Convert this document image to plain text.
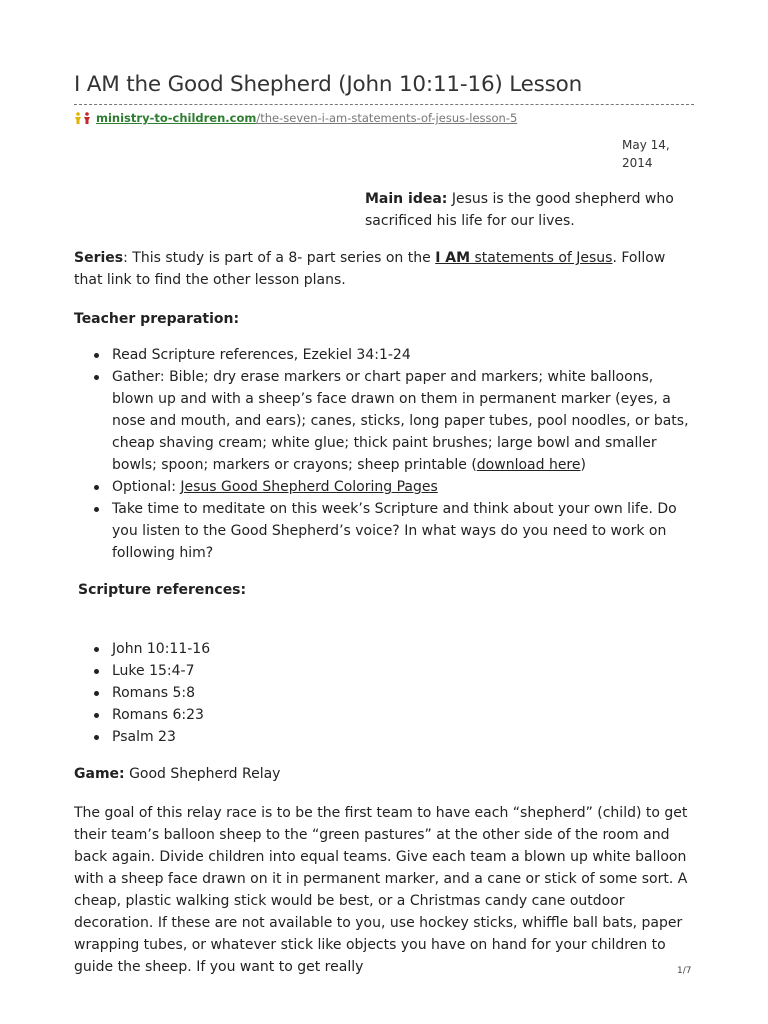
I AM the Good Shepherd (John 10:11-16) Lesson
ministry-to-children.com /the-seven-i-am-statements-of-jesus-lesson-5
May 14,
2014
Main idea: Jesus is the good shepherd who sacrificed his life for our lives.
Series: This study is part of a 8- part series on the I AM statements of Jesus. Follow that link to find the other lesson plans.
Teacher preparation:
Read Scripture references, Ezekiel 34:1-24
Gather: Bible; dry erase markers or chart paper and markers; white balloons, blown up and with a sheep’s face drawn on them in permanent marker (eyes, a nose and mouth, and ears); canes, sticks, long paper tubes, pool noodles, or bats, cheap shaving cream; white glue; thick paint brushes; large bowl and smaller bowls; spoon; markers or crayons; sheep printable (download here)
Optional: Jesus Good Shepherd Coloring Pages
Take time to meditate on this week’s Scripture and think about your own life. Do you listen to the Good Shepherd’s voice? In what ways do you need to work on following him?
Scripture references:
John 10:11-16
Luke 15:4-7
Romans 5:8
Romans 6:23
Psalm 23
Game: Good Shepherd Relay
The goal of this relay race is to be the first team to have each “shepherd” (child) to get their team’s balloon sheep to the “green pastures” at the other side of the room and back again. Divide children into equal teams. Give each team a blown up white balloon with a sheep face drawn on it in permanent marker, and a cane or stick of some sort. A cheap, plastic walking stick would be best, or a Christmas candy cane outdoor decoration. If these are not available to you, use hockey sticks, whiffle ball bats, paper wrapping tubes, or whatever stick like objects you have on hand for your children to guide the sheep. If you want to get really	1/7
